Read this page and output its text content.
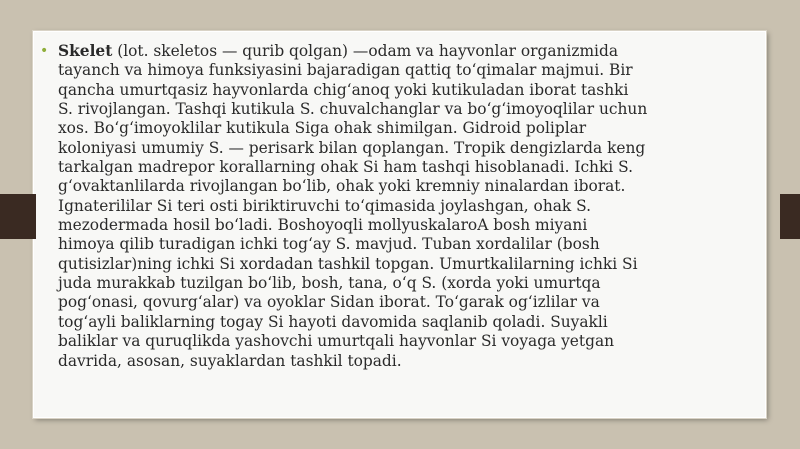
• Skelet (lot. skeletos — qurib qolgan) —odam va hayvonlar organizmida
tayanch va himoya funksiyasini bajaradigan qattiq to‘qimalar majmui. Bir
qancha umurtqasiz hayvonlarda chig‘anoq yoki kutikuladan iborat tashki
S. rivojlangan. Tashqi kutikula S. chuvalchanglar va bo‘g‘imoyoqlilar uchun
xos. Bo‘g‘imoyoklilar kutikula Siga ohak shimilgan. Gidroid poliplar
koloniyasi umumiy S. — perisark bilan qoplangan. Tropik dengizlarda keng
tarkalgan madrepor korallarning ohak Si ham tashqi hisoblanadi. Ichki S.
g‘ovaktanlilarda rivojlangan bo‘lib, ohak yoki kremniy ninalardan iborat.
Ignaterililar Si teri osti biriktiruvchi to‘qimasida joylashgan, ohak S.
mezodermada hosil bo‘ladi. Boshoyoqli mollyuskalaroA bosh miyani
himoya qilib turadigan ichki tog‘ay S. mavjud. Tuban xordalilar (bosh
qutisizlar)ning ichki Si xordadan tashkil topgan. Umurtkalilarning ichki Si
juda murakkab tuzilgan bo‘lib, bosh, tana, o‘q S. (xorda yoki umurtqa
pog‘onasi, qovurg‘alar) va oyoklar Sidan iborat. To‘garak og‘izlilar va
tog‘ayli baliklarning togay Si hayoti davomida saqlanib qoladi. Suyakli
baliklar va quruqlikda yashovchi umurtqali hayvonlar Si voyaga yetgan
davrida, asosan, suyaklardan tashkil topadi.
